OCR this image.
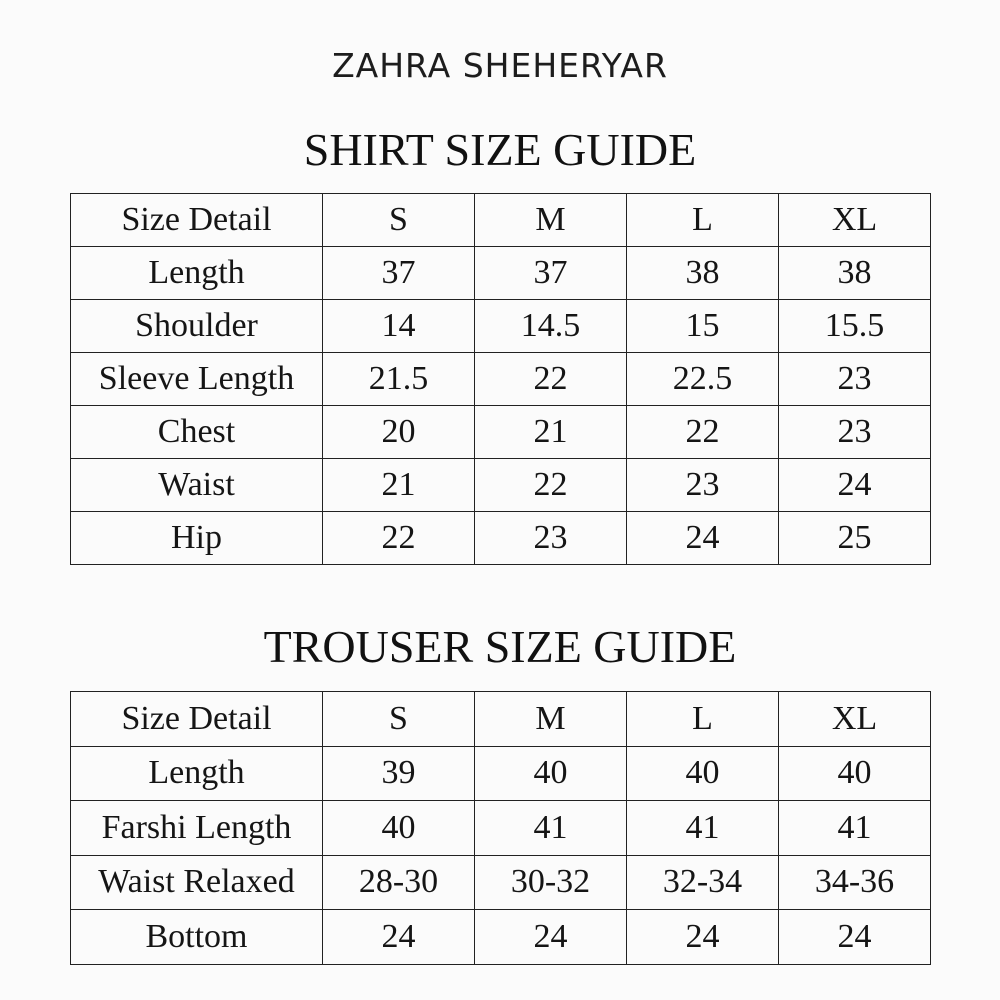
ZAHRA SHEHERYAR
SHIRT SIZE GUIDE
Size Detail	S	M	L	XL
Length	37	37	38	38
Shoulder	14	14.5	15	15.5
Sleeve Length	21.5	22	22.5	23
Chest	20	21	22	23
Waist	21	22	23	24
Hip	22	23	24	25
TROUSER SIZE GUIDE
Size Detail	S	M	L	XL
Length	39	40	40	40
Farshi Length	40	41	41	41
Waist Relaxed	28-30	30-32	32-34	34-36
Bottom	24	24	24	24
